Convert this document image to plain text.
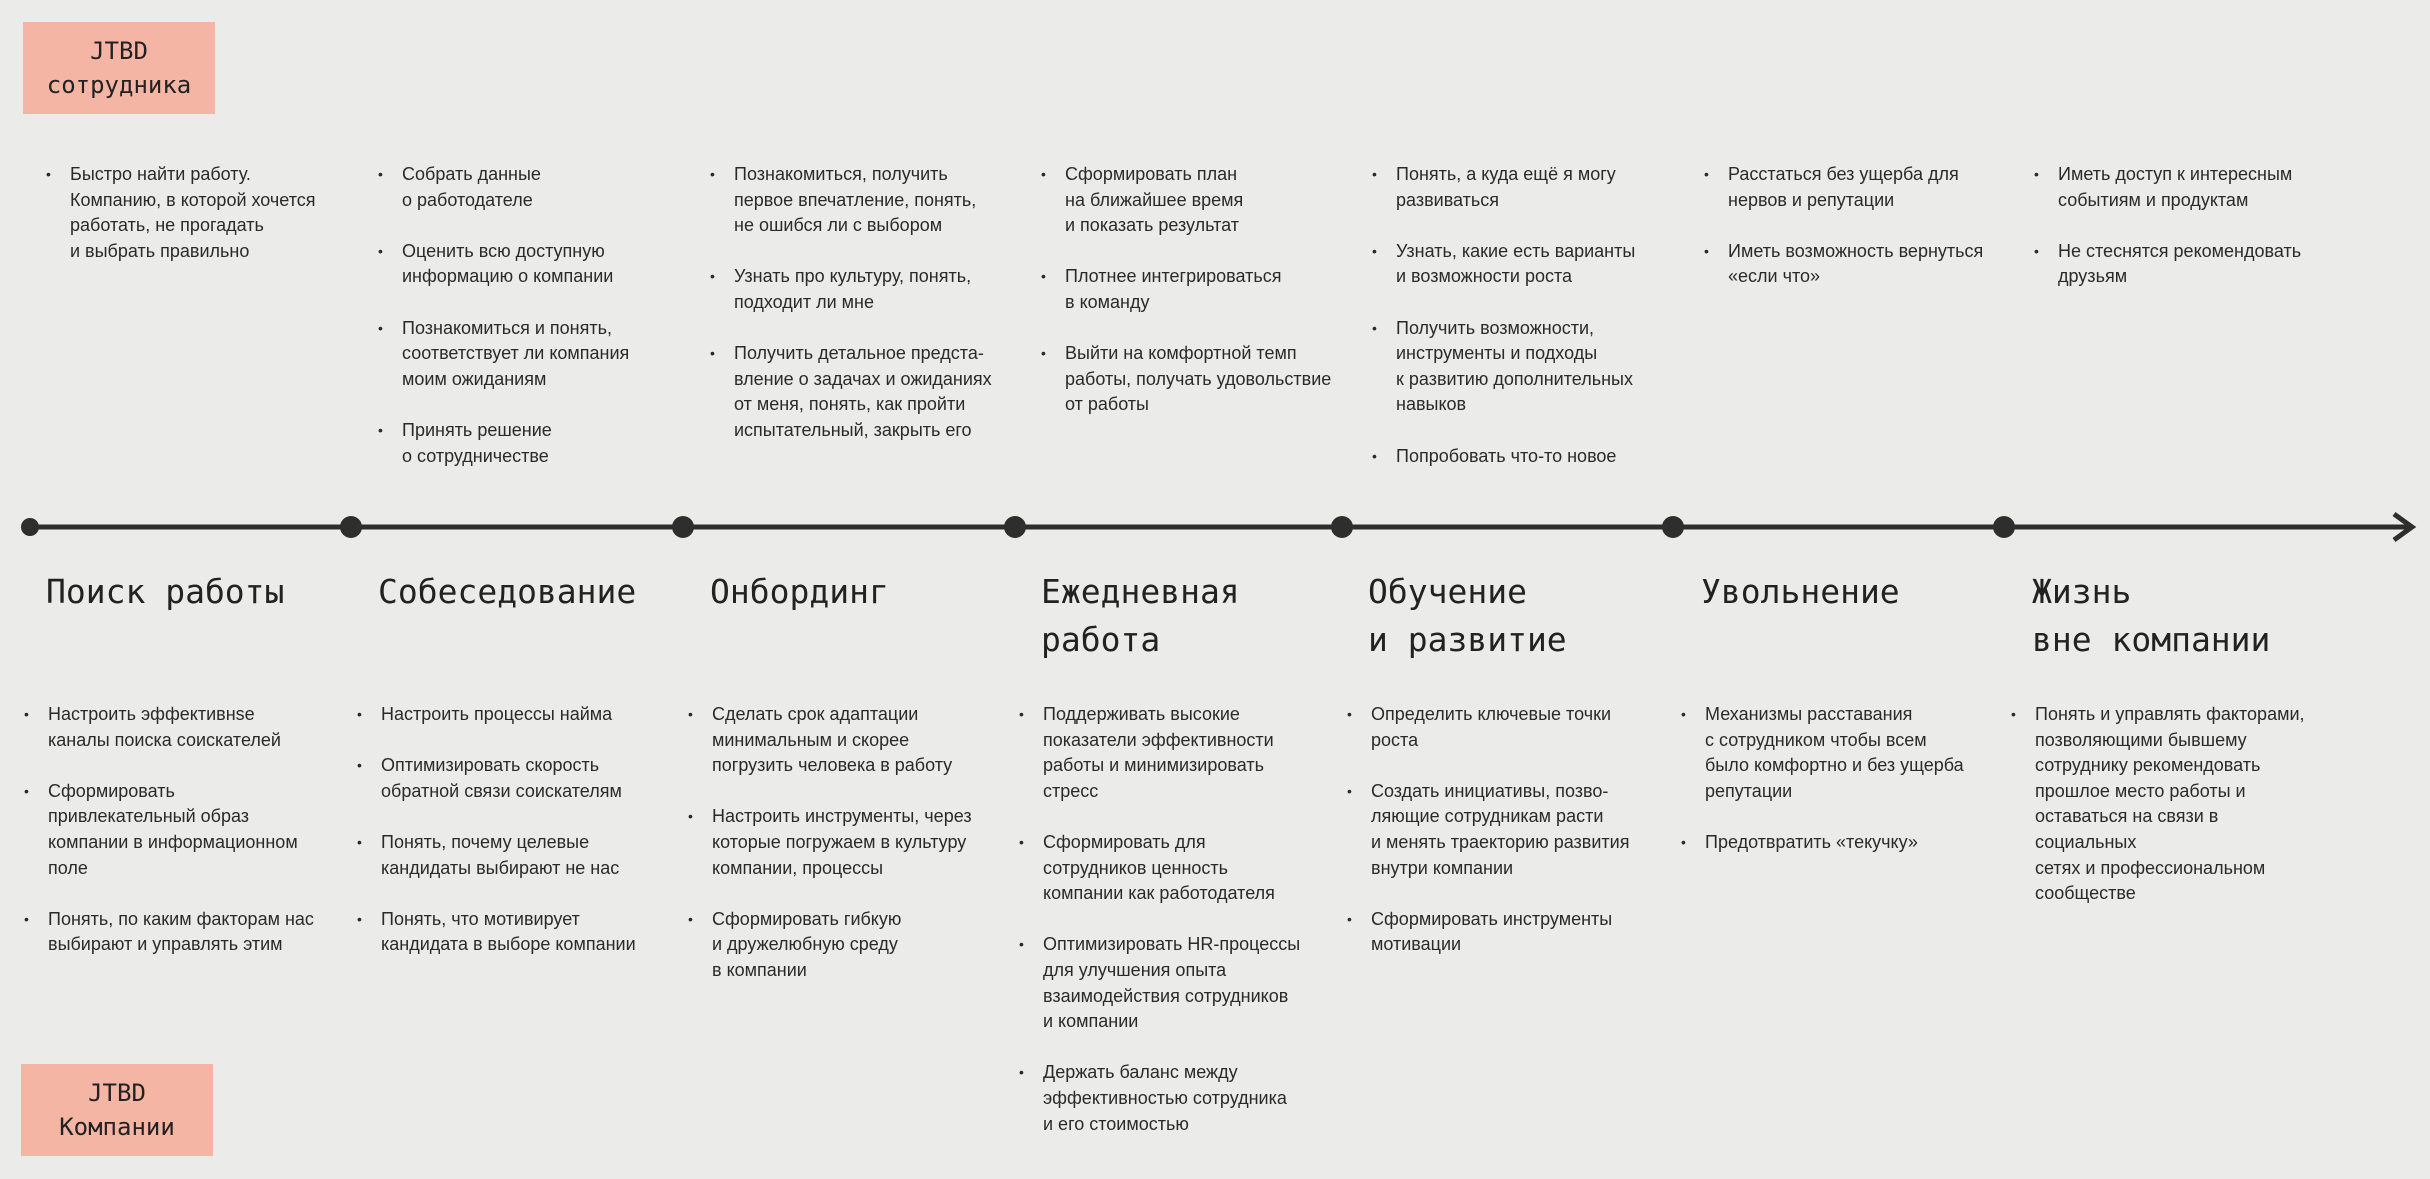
JTBD
сотрудника
JTBD
Компании
• Быстро найти работу.
Компанию, в которой хочется
работать, не прогадать
и выбрать правильно
• Собрать данные
о работодателе
• Оценить всю доступную
информацию о компании
• Познакомиться и понять,
соответствует ли компания
моим ожиданиям
• Принять решение
о сотрудничестве
• Познакомиться, получить
первое впечатление, понять,
не ошибся ли с выбором
• Узнать про культуру, понять,
подходит ли мне
• Получить детальное предста-
вление о задачах и ожиданиях
от меня, понять, как пройти
испытательный, закрыть его
• Сформировать план
на ближайшее время
и показать результат
• Плотнее интегрироваться
в команду
• Выйти на комфортной темп
работы, получать удовольствие
от работы
• Понять, а куда ещё я могу
развиваться
• Узнать, какие есть варианты
и возможности роста
• Получить возможности,
инструменты и подходы
к развитию дополнительных
навыков
• Попробовать что-то новое
• Расстаться без ущерба для
нервов и репутации
• Иметь возможность вернуться
«если что»
• Иметь доступ к интересным
событиям и продуктам
• Не стеснятся рекомендовать
друзьям
Поиск работы	Собеседование Онбординг	Ежедневная
работа
Обучение
и развитие
Увольнение	Жизнь
вне компании
• Настроить эффективнsе
каналы поиска соискателей
• Сформировать
привлекательный образ
компании в информационном
поле
• Понять, по каким факторам нас
выбирают и управлять этим
• Настроить процессы найма
• Оптимизировать скорость
обратной связи соискателям
• Понять, почему целевые
кандидаты выбирают не нас
• Понять, что мотивирует
кандидата в выборе компании
• Сделать срок адаптации
минимальным и скорее
погрузить человека в работу
• Настроить инструменты, через
которые погружаем в культуру
компании, процессы
• Сформировать гибкую
и дружелюбную среду
в компании
• Поддерживать высокие
показатели эффективности
работы и минимизировать
стресс
• Сформировать для
сотрудников ценность
компании как работодателя
• Оптимизировать HR-процессы
для улучшения опыта
взаимодействия сотрудников
и компании
• Держать баланс между
эффективностью сотрудника
и его стоимостью
• Определить ключевые точки
роста
• Создать инициативы, позво-
ляющие сотрудникам расти
и менять траекторию развития
внутри компании
• Сформировать инструменты
мотивации
• Механизмы расставания
с сотрудником чтобы всем
было комфортно и без ущерба
репутации
• Предотвратить «текучку»
• Понять и управлять факторами,
позволяющими бывшему
сотруднику рекомендовать
прошлое место работы и
оставаться на связи в социальных
сетях и профессиональном
сообществе
